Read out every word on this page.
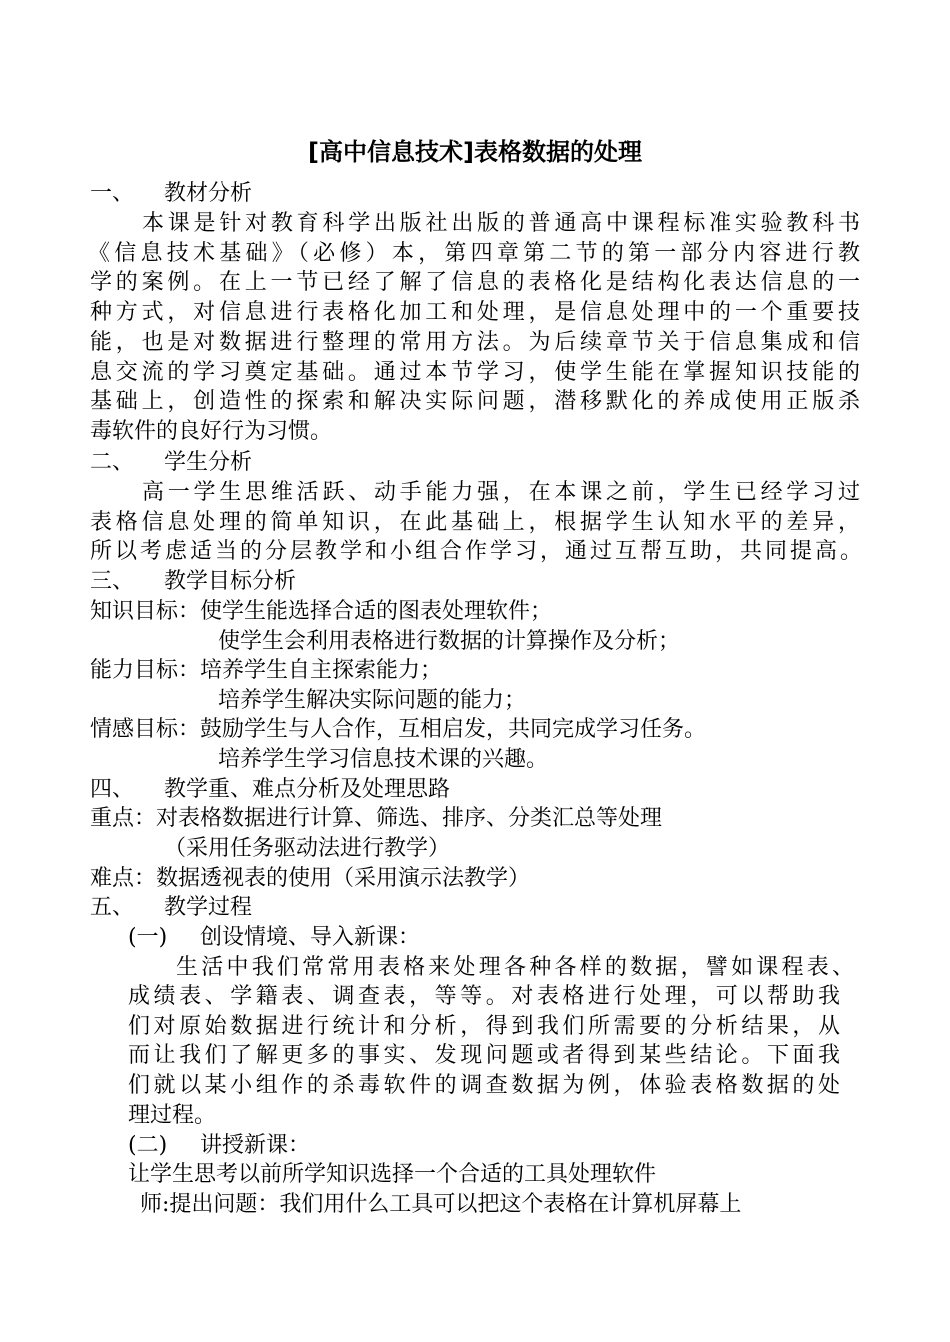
[高中信息技术]表格数据的处理
一、 教材分析
本课是针对教育科学出版社出版的普通高中课程标准实验教科书
《信息技术基础》（必修）本，第四章第二节的第一部分内容进行教
学的案例。在上一节已经了解了信息的表格化是结构化表达信息的一
种方式，对信息进行表格化加工和处理，是信息处理中的一个重要技
能，也是对数据进行整理的常用方法。为后续章节关于信息集成和信
息交流的学习奠定基础。通过本节学习，使学生能在掌握知识技能的
基础上，创造性的探索和解决实际问题，潜移默化的养成使用正版杀
毒软件的良好行为习惯。
二、 学生分析
高一学生思维活跃、动手能力强，在本课之前，学生已经学习过
表格信息处理的简单知识，在此基础上，根据学生认知水平的差异，
所以考虑适当的分层教学和小组合作学习，通过互帮互助，共同提高。
三、 教学目标分析
知识目标：使学生能选择合适的图表处理软件；
使学生会利用表格进行数据的计算操作及分析；
能力目标：培养学生自主探索能力；
培养学生解决实际问题的能力；
情感目标：鼓励学生与人合作，互相启发，共同完成学习任务。
培养学生学习信息技术课的兴趣。
四、 教学重、难点分析及处理思路
重点：对表格数据进行计算、筛选、排序、分类汇总等处理
（采用任务驱动法进行教学）
难点：数据透视表的使用（采用演示法教学）
五、 教学过程
(一) 创设情境、导入新课：
生活中我们常常用表格来处理各种各样的数据，譬如课程表、
成绩表、学籍表、调查表，等等。对表格进行处理，可以帮助我
们对原始数据进行统计和分析，得到我们所需要的分析结果，从
而让我们了解更多的事实、发现问题或者得到某些结论。下面我
们就以某小组作的杀毒软件的调查数据为例，体验表格数据的处
理过程。
(二) 讲授新课：
让学生思考以前所学知识选择一个合适的工具处理软件
师:提出问题：我们用什么工具可以把这个表格在计算机屏幕上
